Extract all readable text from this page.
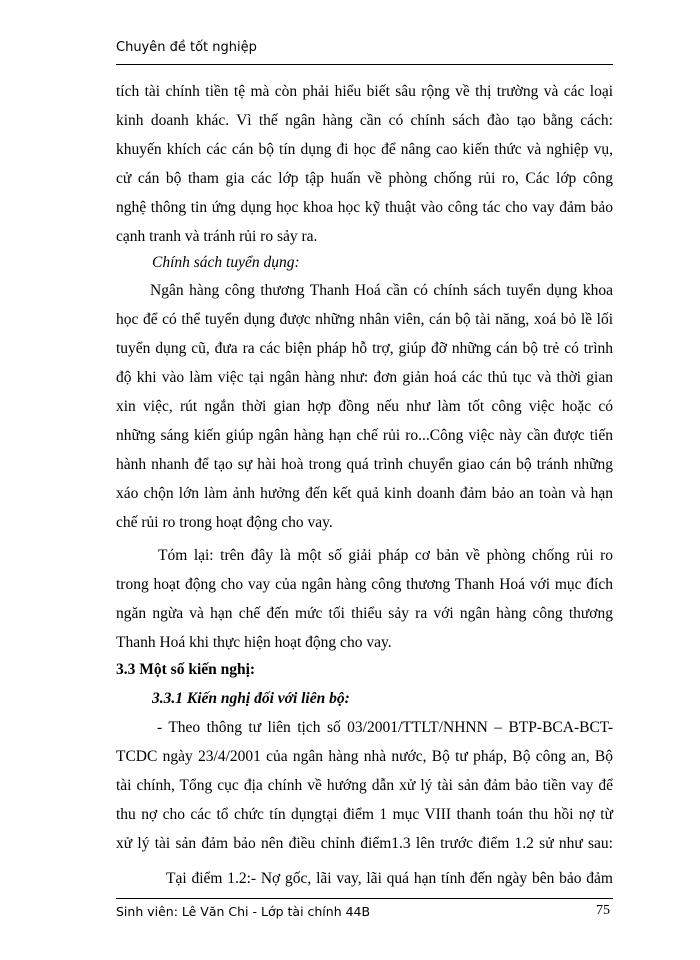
Chuyên đề tốt nghiệp
tích tài chính tiền tệ mà còn phải hiểu biết sâu rộng về thị trường và các loại
kinh doanh khác. Vì thế ngân hàng cần có chính sách đào tạo bằng cách:
khuyến khích các cán bộ tín dụng đi học để nâng cao kiến thức và nghiệp vụ,
cử cán bộ tham gia các lớp tập huấn về phòng chống rủi ro, Các lớp công
nghệ thông tin ứng dụng học khoa học kỹ thuật vào công tác cho vay đảm bảo
cạnh tranh và tránh rủi ro sảy ra.
Chính sách tuyển dụng:
Ngân hàng công thương Thanh Hoá cần có chính sách tuyển dụng khoa
học để có thể tuyển dụng được những nhân viên, cán bộ tài năng, xoá bỏ lề lối
tuyển dụng cũ, đưa ra các biện pháp hỗ trợ, giúp đỡ những cán bộ trẻ có trình
độ khi vào làm việc tại ngân hàng như: đơn giản hoá các thủ tục và thời gian
xin việc, rút ngắn thời gian hợp đồng nếu như làm tốt công việc hoặc có
những sáng kiến giúp ngân hàng hạn chế rủi ro...Công việc này cần được tiến
hành nhanh để tạo sự hài hoà trong quá trình chuyển giao cán bộ tránh những
xáo chộn lớn làm ảnh hưởng đến kết quả kinh doanh đảm bảo an toàn và hạn
chế rủi ro trong hoạt động cho vay.
Tóm lại: trên đây là một số giải pháp cơ bản về phòng chống rủi ro
trong hoạt động cho vay của ngân hàng công thương Thanh Hoá với mục đích
ngăn ngừa và hạn chế đến mức tối thiểu sảy ra với ngân hàng công thương
Thanh Hoá khi thực hiện hoạt động cho vay.
3.3 Một số kiến nghị:
3.3.1 Kiến nghị đối với liên bộ:
- Theo thông tư liên tịch số 03/2001/TTLT/NHNN – BTP-BCA-BCT-
TCDC ngày 23/4/2001 của ngân hàng nhà nước, Bộ tư pháp, Bộ công an, Bộ
tài chính, Tổng cục địa chính về hướng dẫn xử lý tài sản đảm bảo tiền vay để
thu nợ cho các tổ chức tín dụngtại điểm 1 mục VIII thanh toán thu hồi nợ từ
xử lý tài sản đảm bảo nên điều chỉnh điểm1.3 lên trước điểm 1.2 sử như sau:
Tại điểm 1.2:- Nợ gốc, lãi vay, lãi quá hạn tính đến ngày bên bảo đảm
Sinh viên: Lê Văn Chi - Lớp tài chính 44B	75
